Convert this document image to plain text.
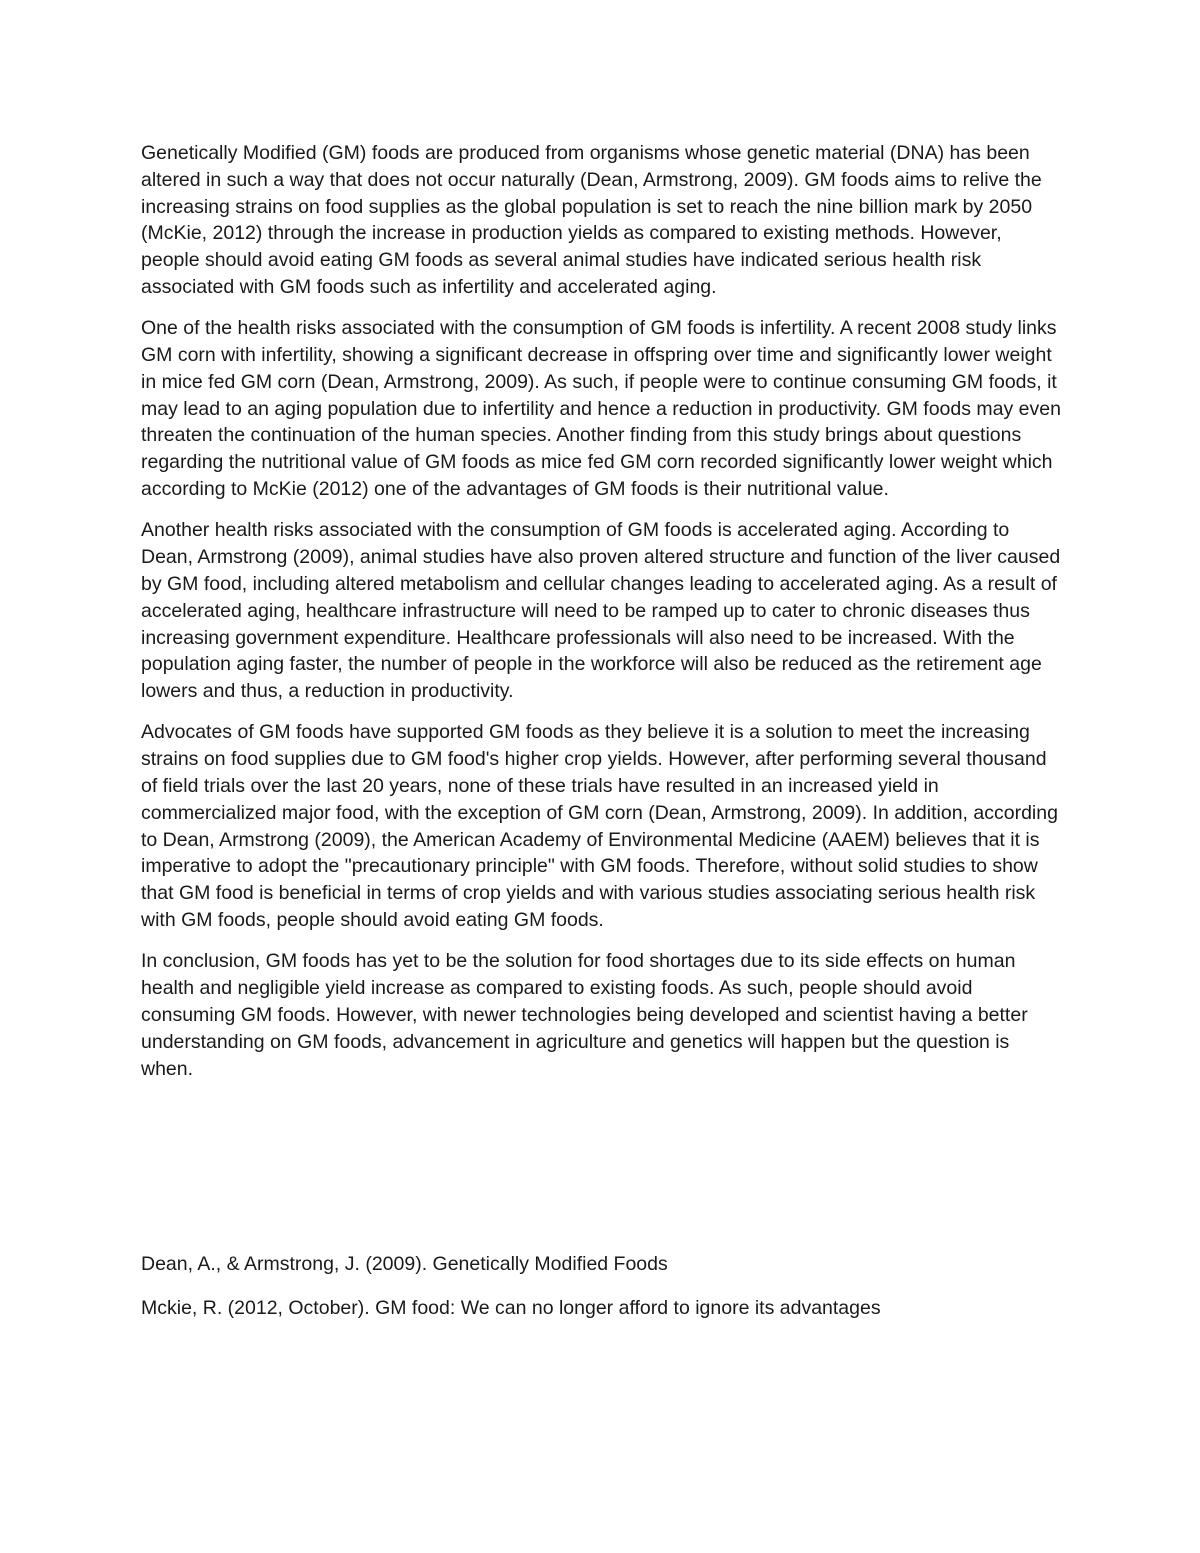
Genetically Modified (GM) foods are produced from organisms whose genetic material (DNA) has been altered in such a way that does not occur naturally (Dean, Armstrong, 2009). GM foods aims to relive the increasing strains on food supplies as the global population is set to reach the nine billion mark by 2050 (McKie, 2012) through the increase in production yields as compared to existing methods. However, people should avoid eating GM foods as several animal studies have indicated serious health risk associated with GM foods such as infertility and accelerated aging.

One of the health risks associated with the consumption of GM foods is infertility. A recent 2008 study links GM corn with infertility, showing a significant decrease in offspring over time and significantly lower weight in mice fed GM corn (Dean, Armstrong, 2009). As such, if people were to continue consuming GM foods, it may lead to an aging population due to infertility and hence a reduction in productivity. GM foods may even threaten the continuation of the human species. Another finding from this study brings about questions regarding the nutritional value of GM foods as mice fed GM corn recorded significantly lower weight which according to McKie (2012) one of the advantages of GM foods is their nutritional value.

Another health risks associated with the consumption of GM foods is accelerated aging. According to Dean, Armstrong (2009), animal studies have also proven altered structure and function of the liver caused by GM food, including altered metabolism and cellular changes leading to accelerated aging. As a result of accelerated aging, healthcare infrastructure will need to be ramped up to cater to chronic diseases thus increasing government expenditure. Healthcare professionals will also need to be increased. With the population aging faster, the number of people in the workforce will also be reduced as the retirement age lowers and thus, a reduction in productivity.

Advocates of GM foods have supported GM foods as they believe it is a solution to meet the increasing strains on food supplies due to GM food's higher crop yields. However, after performing several thousand of field trials over the last 20 years, none of these trials have resulted in an increased yield in commercialized major food, with the exception of GM corn (Dean, Armstrong, 2009). In addition, according to Dean, Armstrong (2009), the American Academy of Environmental Medicine (AAEM) believes that it is imperative to adopt the "precautionary principle" with GM foods. Therefore, without solid studies to show that GM food is beneficial in terms of crop yields and with various studies associating serious health risk with GM foods, people should avoid eating GM foods.

In conclusion, GM foods has yet to be the solution for food shortages due to its side effects on human health and negligible yield increase as compared to existing foods. As such, people should avoid consuming GM foods. However, with newer technologies being developed and scientist having a better understanding on GM foods, advancement in agriculture and genetics will happen but the question is when.

Dean, A., & Armstrong, J. (2009). Genetically Modified Foods

Mckie, R. (2012, October). GM food: We can no longer afford to ignore its advantages
